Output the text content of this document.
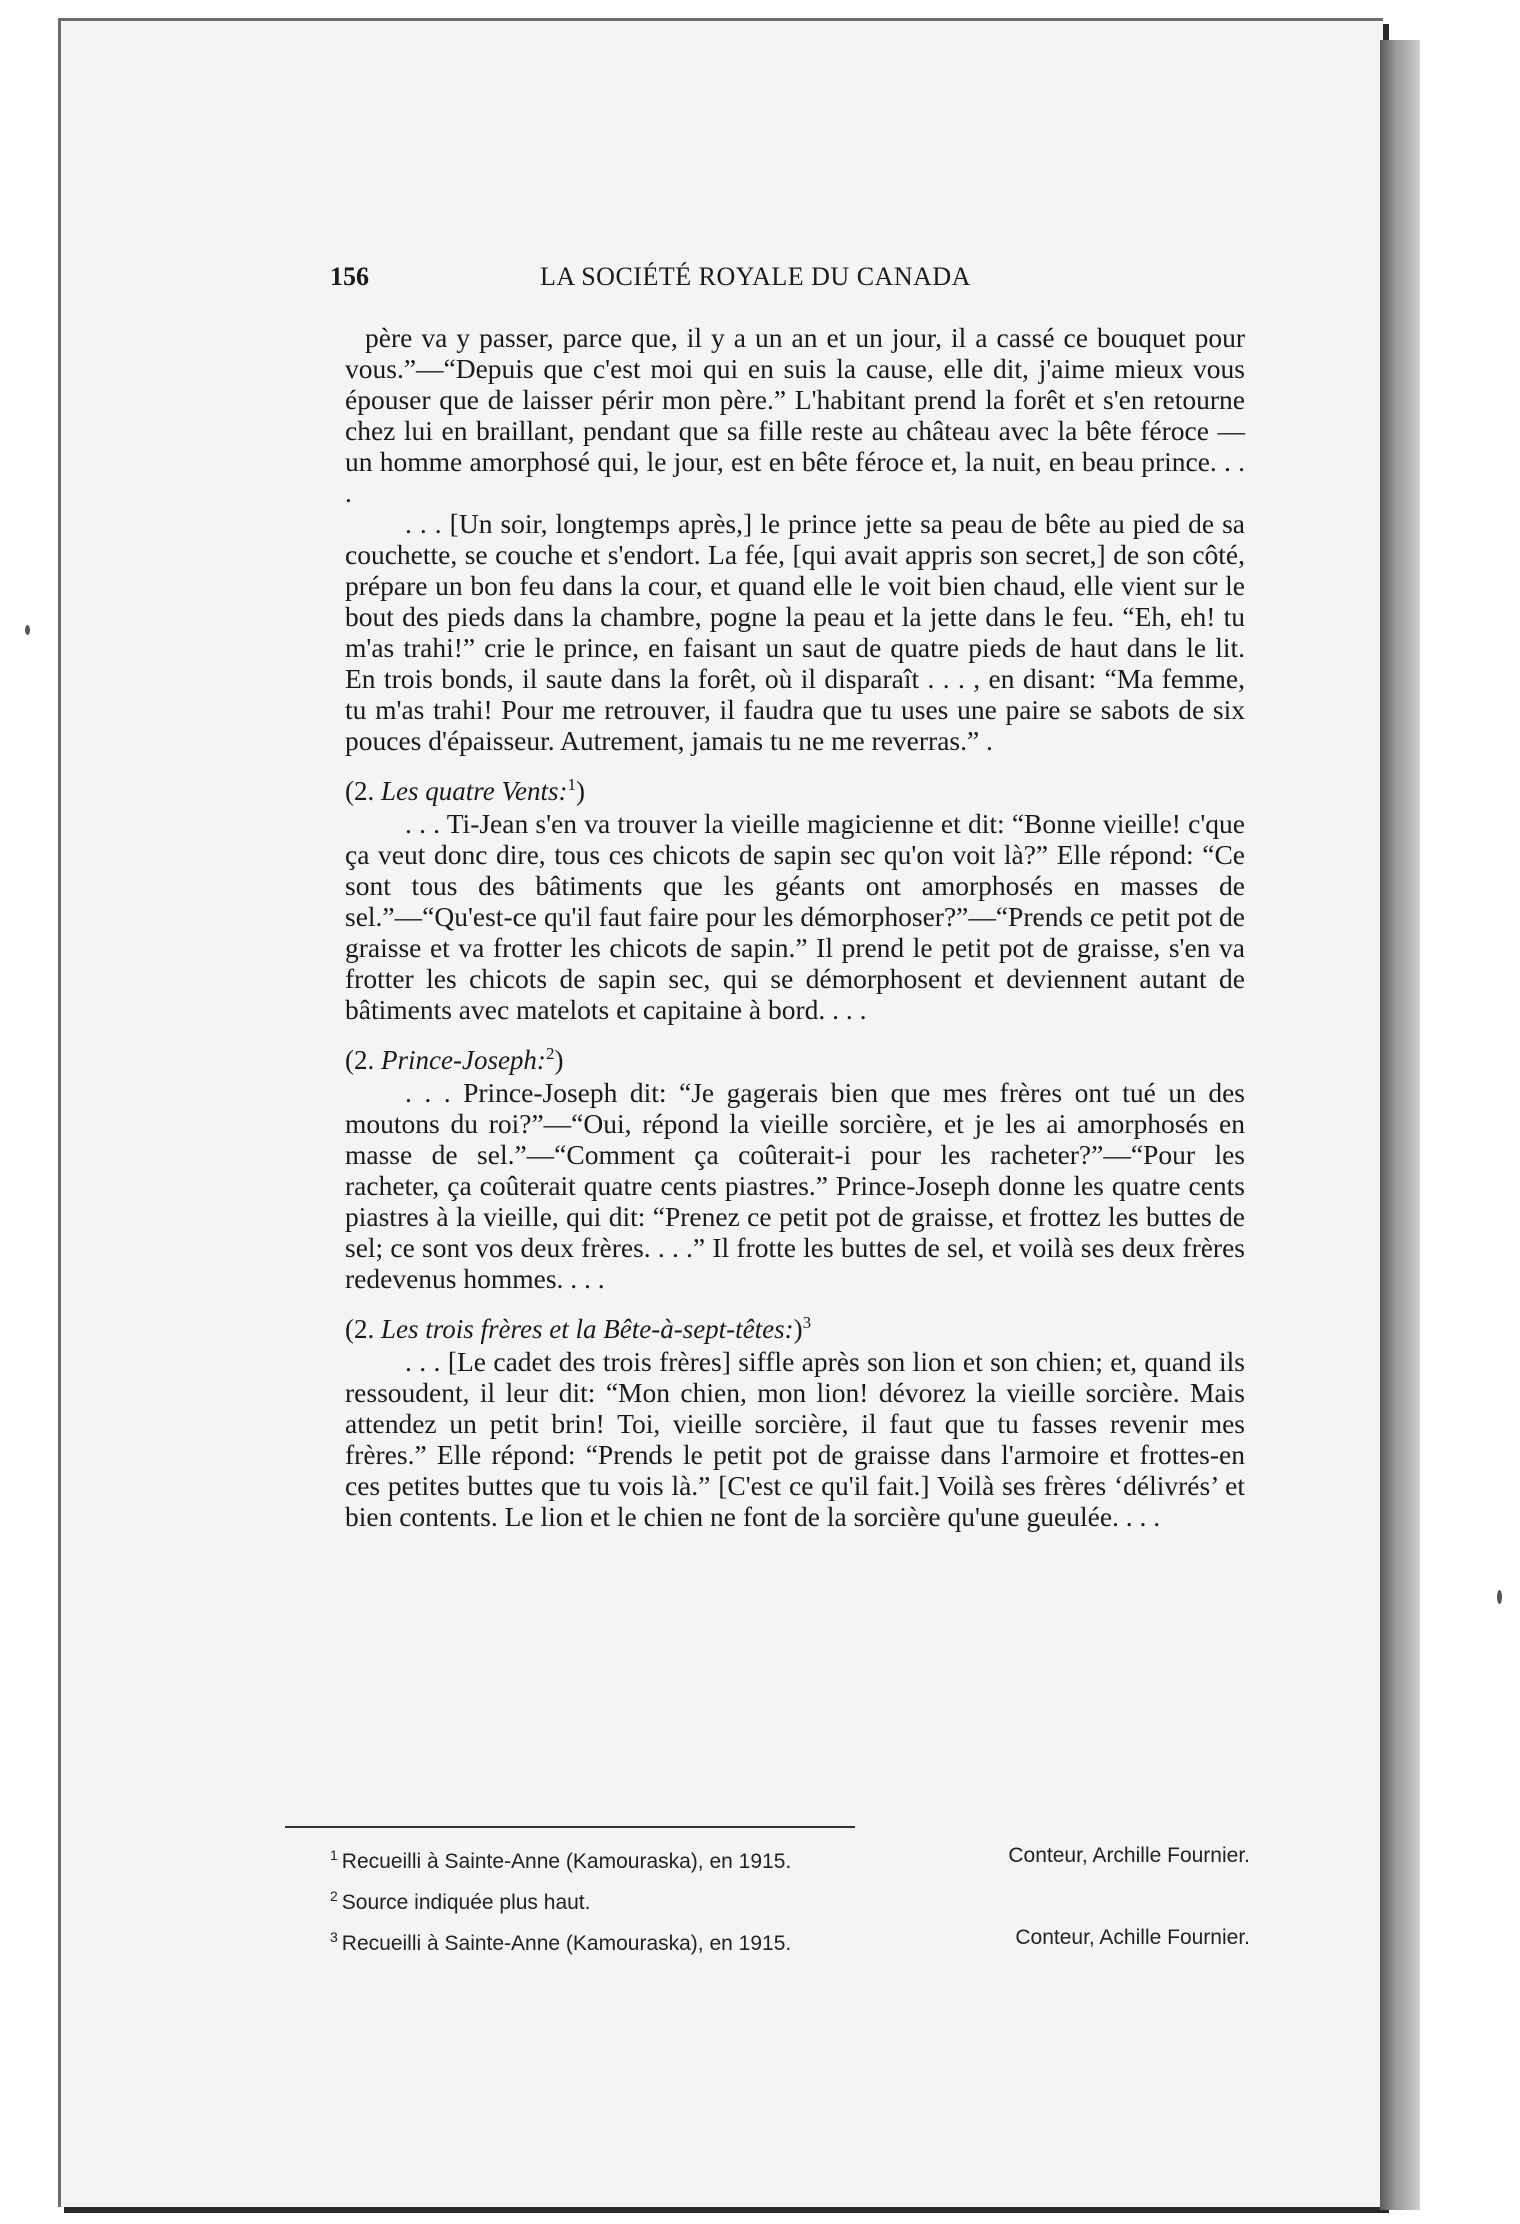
156	LA SOCIÉTÉ ROYALE DU CANADA

père va y passer, parce que, il y a un an et un jour, il a cassé ce bouquet pour vous.”—“Depuis que c'est moi qui en suis la cause, elle dit, j'aime mieux vous épouser que de laisser périr mon père.” L'habitant prend la forêt et s'en retourne chez lui en braillant, pendant que sa fille reste au château avec la bête féroce — un homme amorphosé qui, le jour, est en bête féroce et, la nuit, en beau prince. . . .

. . . [Un soir, longtemps après,] le prince jette sa peau de bête au pied de sa couchette, se couche et s'endort. La fée, [qui avait appris son secret,] de son côté, prépare un bon feu dans la cour, et quand elle le voit bien chaud, elle vient sur le bout des pieds dans la chambre, pogne la peau et la jette dans le feu. “Eh, eh! tu m'as trahi!” crie le prince, en faisant un saut de quatre pieds de haut dans le lit. En trois bonds, il saute dans la forêt, où il disparaît . . . , en disant: “Ma femme, tu m'as trahi! Pour me retrouver, il faudra que tu uses une paire se sabots de six pouces d'épaisseur. Autrement, jamais tu ne me reverras.” .

(2. Les quatre Vents:$^1$)

. . . Ti-Jean s'en va trouver la vieille magicienne et dit: “Bonne vieille! c'que ça veut donc dire, tous ces chicots de sapin sec qu'on voit là?” Elle répond: “Ce sont tous des bâtiments que les géants ont amorphosés en masses de sel.”—“Qu'est-ce qu'il faut faire pour les démorphoser?”—“Prends ce petit pot de graisse et va frotter les chicots de sapin.” Il prend le petit pot de graisse, s'en va frotter les chicots de sapin sec, qui se démorphosent et deviennent autant de bâtiments avec matelots et capitaine à bord. . . .

(2. Prince-Joseph:$^2$)

. . . Prince-Joseph dit: “Je gagerais bien que mes frères ont tué un des moutons du roi?”—“Oui, répond la vieille sorcière, et je les ai amorphosés en masse de sel.”—“Comment ça coûterait-i pour les racheter?”—“Pour les racheter, ça coûterait quatre cents piastres.” Prince-Joseph donne les quatre cents piastres à la vieille, qui dit: “Prenez ce petit pot de graisse, et frottez les buttes de sel; ce sont vos deux frères. . . .” Il frotte les buttes de sel, et voilà ses deux frères redevenus hommes. . . .

(2. Les trois frères et la Bête-à-sept-têtes:)$^3$

. . . [Le cadet des trois frères] siffle après son lion et son chien; et, quand ils ressoudent, il leur dit: “Mon chien, mon lion! dévorez la vieille sorcière. Mais attendez un petit brin! Toi, vieille sorcière, il faut que tu fasses revenir mes frères.” Elle répond: “Prends le petit pot de graisse dans l'armoire et frottes-en ces petites buttes que tu vois là.” [C'est ce qu'il fait.] Voilà ses frères ‘délivrés’ et bien contents. Le lion et le chien ne font de la sorcière qu'une gueulée. . . .

$^1$ Recueilli à Sainte-Anne (Kamouraska), en 1915.	Conteur, Archille Fournier.
$^2$ Source indiquée plus haut.
$^3$ Recueilli à Sainte-Anne (Kamouraska), en 1915.	Conteur, Achille Fournier.
